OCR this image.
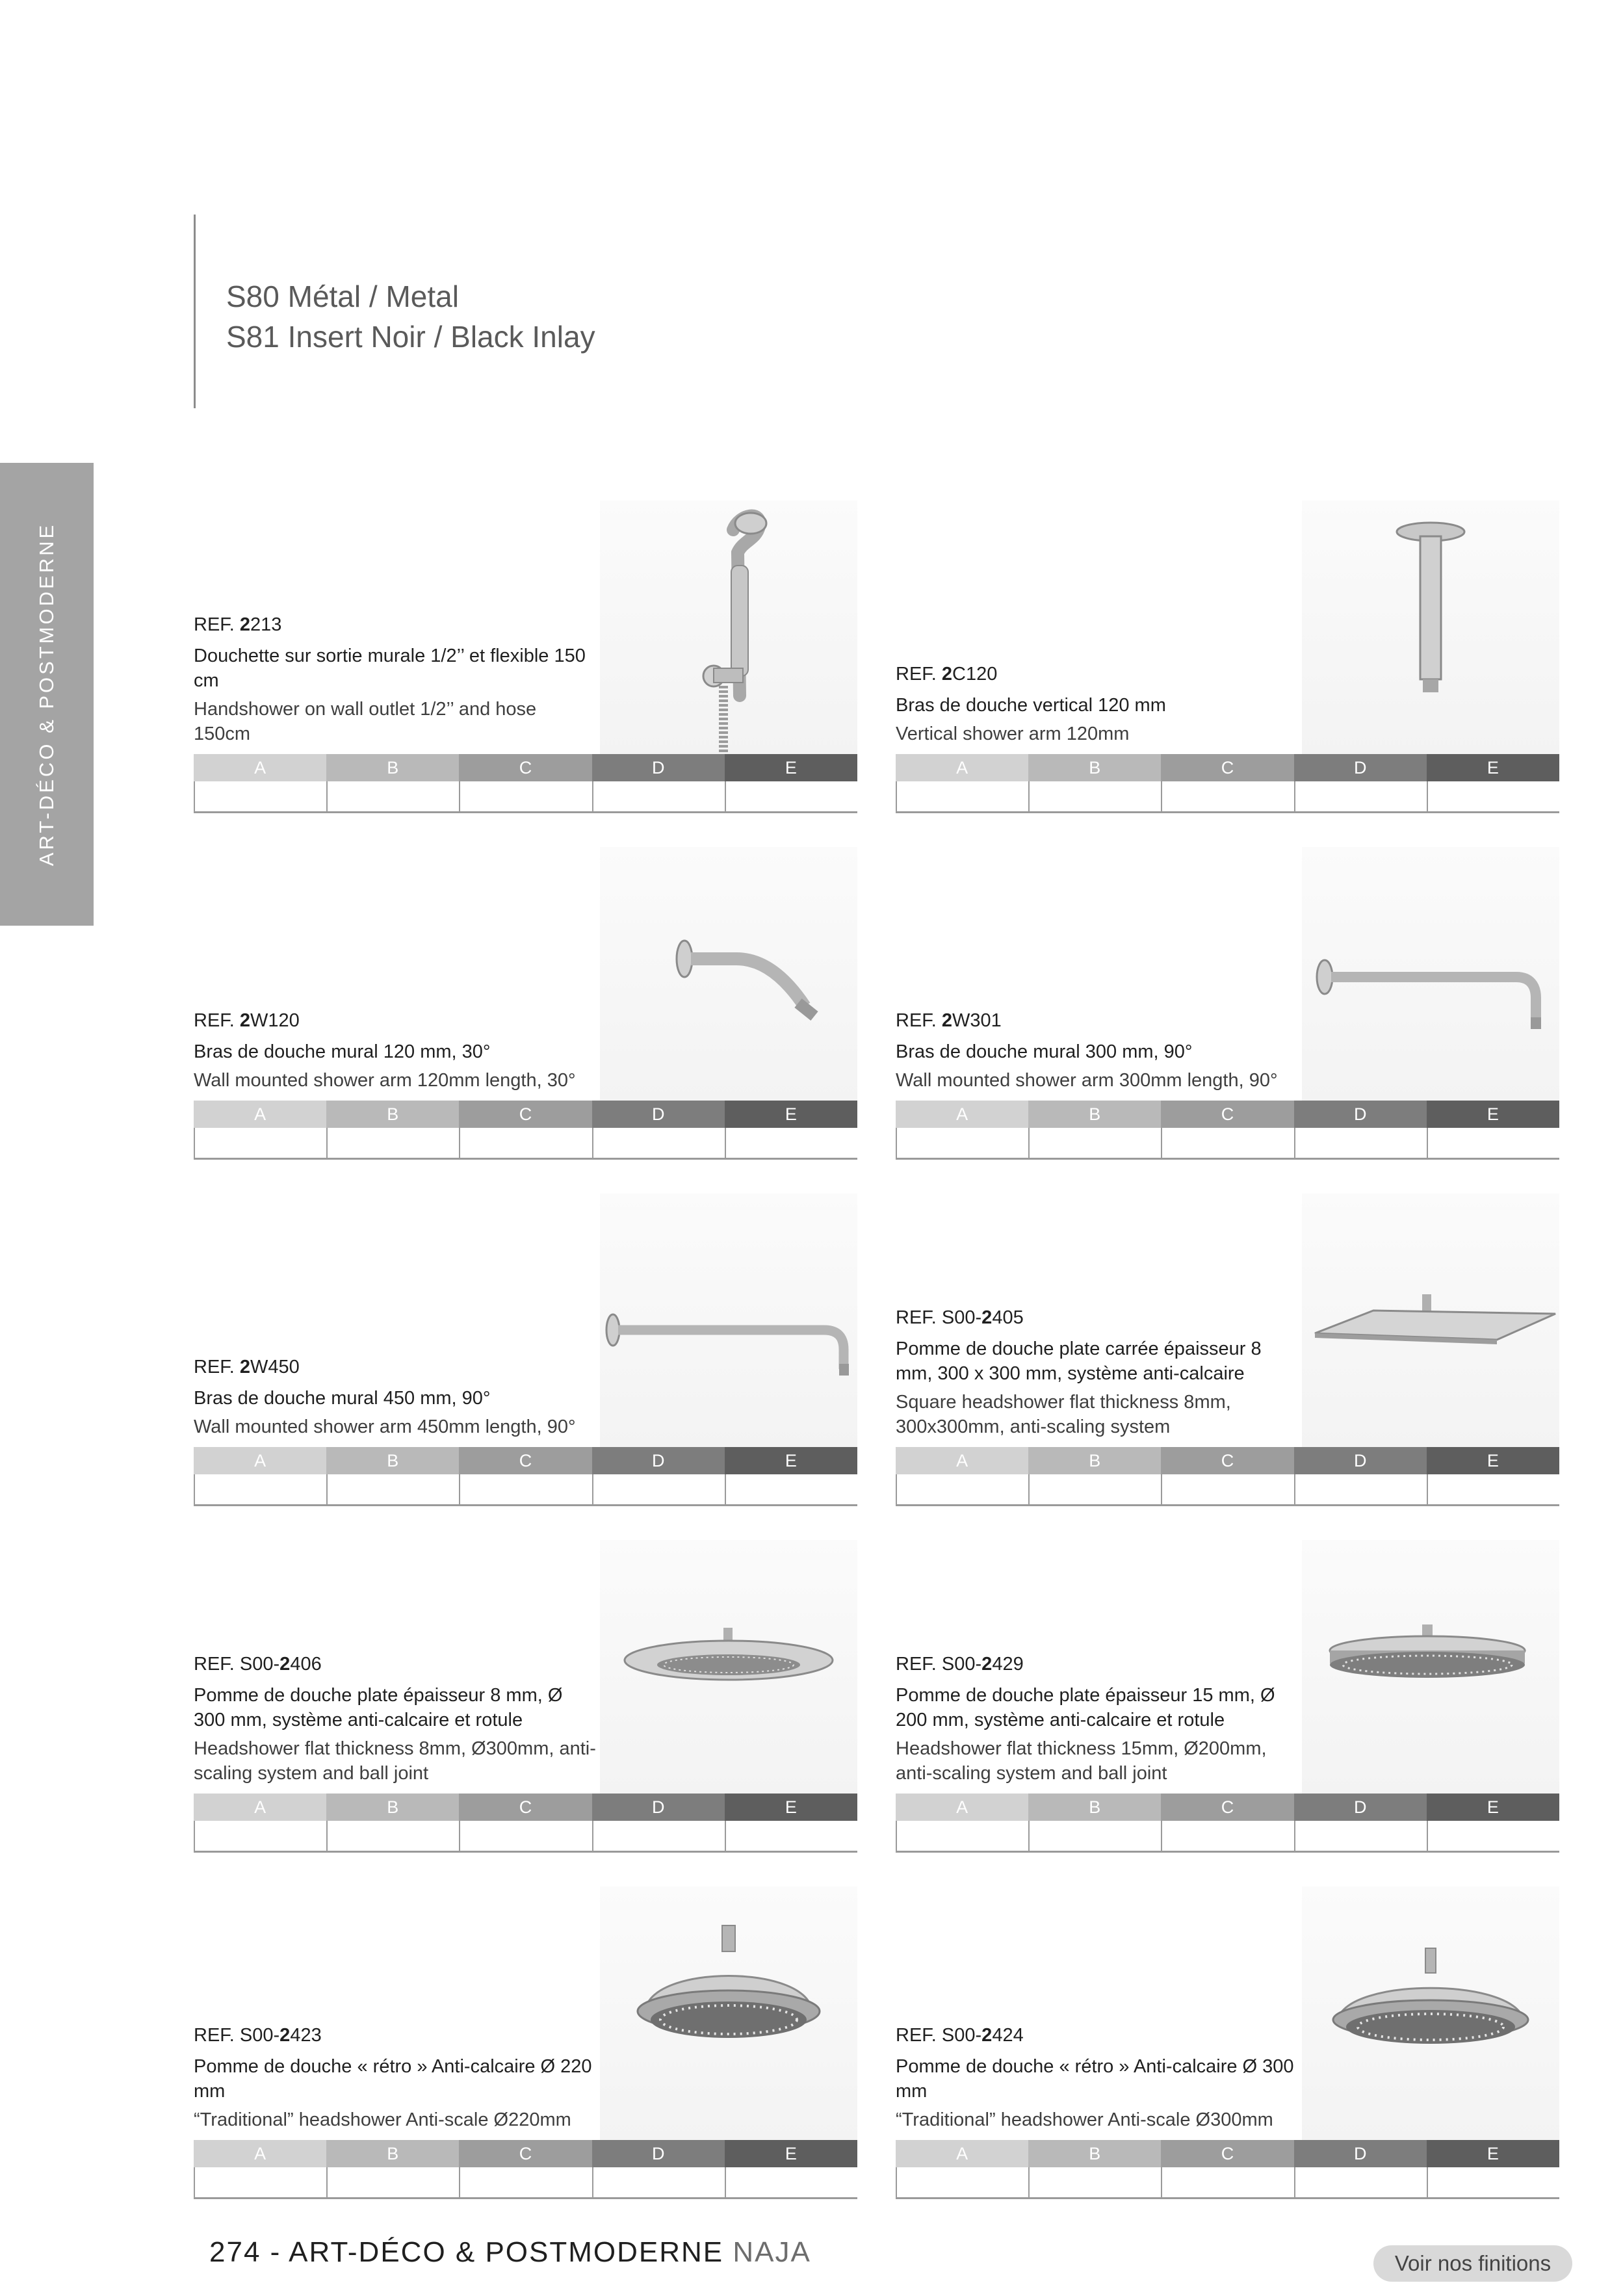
S80 Métal / Metal
S81 Insert Noir / Black Inlay
ART-DÉCO & POSTMODERNE	REF. 2213
Douchette sur sortie murale 1/2’’ et flexible 150 cm
Handshower on wall outlet 1/2’’ and hose 150cm
A	B	C	D	E
REF. 2C120
Bras de douche vertical 120 mm
Vertical shower arm 120mm
A	B	C	D	E
REF. 2W120
Bras de douche mural 120 mm, 30°
Wall mounted shower arm 120mm length, 30°
A	B	C	D	E
REF. 2W301
Bras de douche mural 300 mm, 90°
Wall mounted shower arm 300mm length, 90°
A	B	C	D	E
REF. 2W450
Bras de douche mural 450 mm, 90°
Wall mounted shower arm 450mm length, 90°
A	B	C	D	E
REF. S00-2405
Pomme de douche plate carrée épaisseur 8 mm, 300 x 300 mm, système anti-calcaire
Square headshower flat thickness 8mm, 300x300mm, anti-scaling system
A	B	C	D	E
REF. S00-2406
Pomme de douche plate épaisseur 8 mm, Ø 300 mm, système anti-calcaire et rotule
Headshower flat thickness 8mm, Ø300mm, anti-scaling system and ball joint
A	B	C	D	E
REF. S00-2429
Pomme de douche plate épaisseur 15 mm, Ø 200 mm, système anti-calcaire et rotule
Headshower flat thickness 15mm, Ø200mm, anti-scaling system and ball joint
A	B	C	D	E
REF. S00-2423
Pomme de douche « rétro » Anti-calcaire Ø 220 mm
“Traditional” headshower Anti-scale Ø220mm
A	B	C	D	E
REF. S00-2424
Pomme de douche « rétro » Anti-calcaire Ø 300 mm
“Traditional” headshower Anti-scale Ø300mm
A	B	C	D	E
274 - ART-DÉCO & POSTMODERNE NAJA	Voir nos finitions
